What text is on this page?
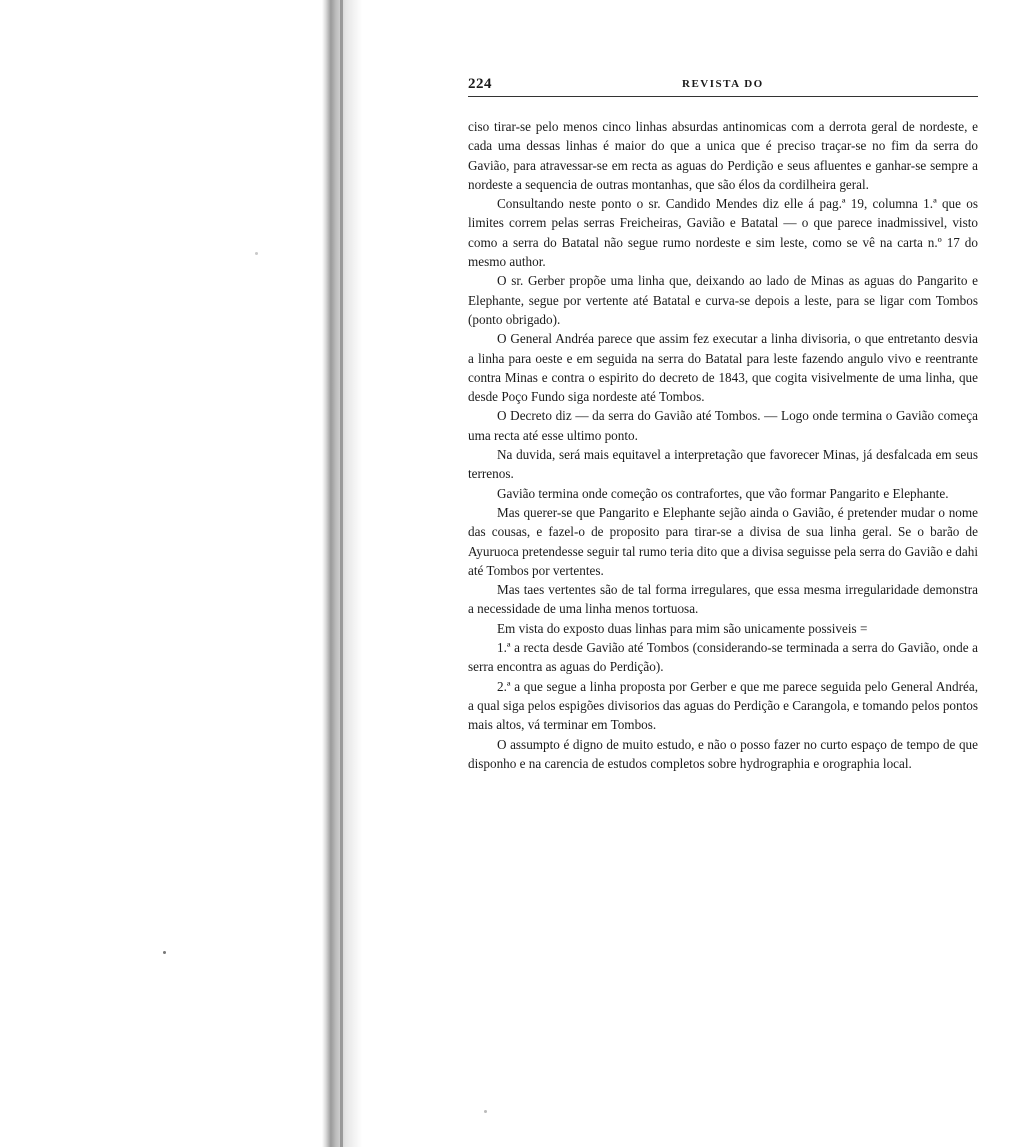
224	REVISTA DO

ciso tirar-se pelo menos cinco linhas absurdas antinomicas com a derrota geral de nordeste, e cada uma dessas linhas é maior do que a unica que é preciso traçar-se no fim da serra do Gavião, para atravessar-se em recta as aguas do Perdição e seus afluentes e ganhar-se sempre a nordeste a sequencia de outras montanhas, que são élos da cordilheira geral.

Consultando neste ponto o sr. Candido Mendes diz elle á pag.ª 19, columna 1.ª que os limites correm pelas serras Freicheiras, Gavião e Batatal — o que parece inadmissivel, visto como a serra do Batatal não segue rumo nordeste e sim leste, como se vê na carta n.º 17 do mesmo author.

O sr. Gerber propõe uma linha que, deixando ao lado de Minas as aguas do Pangarito e Elephante, segue por vertente até Batatal e curva-se depois a leste, para se ligar com Tombos (ponto obrigado).

O General Andréa parece que assim fez executar a linha divisoria, o que entretanto desvia a linha para oeste e em seguida na serra do Batatal para leste fazendo angulo vivo e reentrante contra Minas e contra o espirito do decreto de 1843, que cogita visivelmente de uma linha, que desde Poço Fundo siga nordeste até Tombos.

O Decreto diz — da serra do Gavião até Tombos. — Logo onde termina o Gavião começa uma recta até esse ultimo ponto.

Na duvida, será mais equitavel a interpretação que favorecer Minas, já desfalcada em seus terrenos.

Gavião termina onde começão os contrafortes, que vão formar Pangarito e Elephante.

Mas querer-se que Pangarito e Elephante sejão ainda o Gavião, é pretender mudar o nome das cousas, e fazel-o de proposito para tirar-se a divisa de sua linha geral. Se o barão de Ayuruoca pretendesse seguir tal rumo teria dito que a divisa seguisse pela serra do Gavião e dahi até Tombos por vertentes.

Mas taes vertentes são de tal forma irregulares, que essa mesma irregularidade demonstra a necessidade de uma linha menos tortuosa.

Em vista do exposto duas linhas para mim são unicamente possiveis =

1.ª a recta desde Gavião até Tombos (considerando-se terminada a serra do Gavião, onde a serra encontra as aguas do Perdição).

2.ª a que segue a linha proposta por Gerber e que me parece seguida pelo General Andréa, a qual siga pelos espigões divisorios das aguas do Perdição e Carangola, e tomando pelos pontos mais altos, vá terminar em Tombos.

O assumpto é digno de muito estudo, e não o posso fazer no curto espaço de tempo de que disponho e na carencia de estudos completos sobre hydrographia e orographia local.
